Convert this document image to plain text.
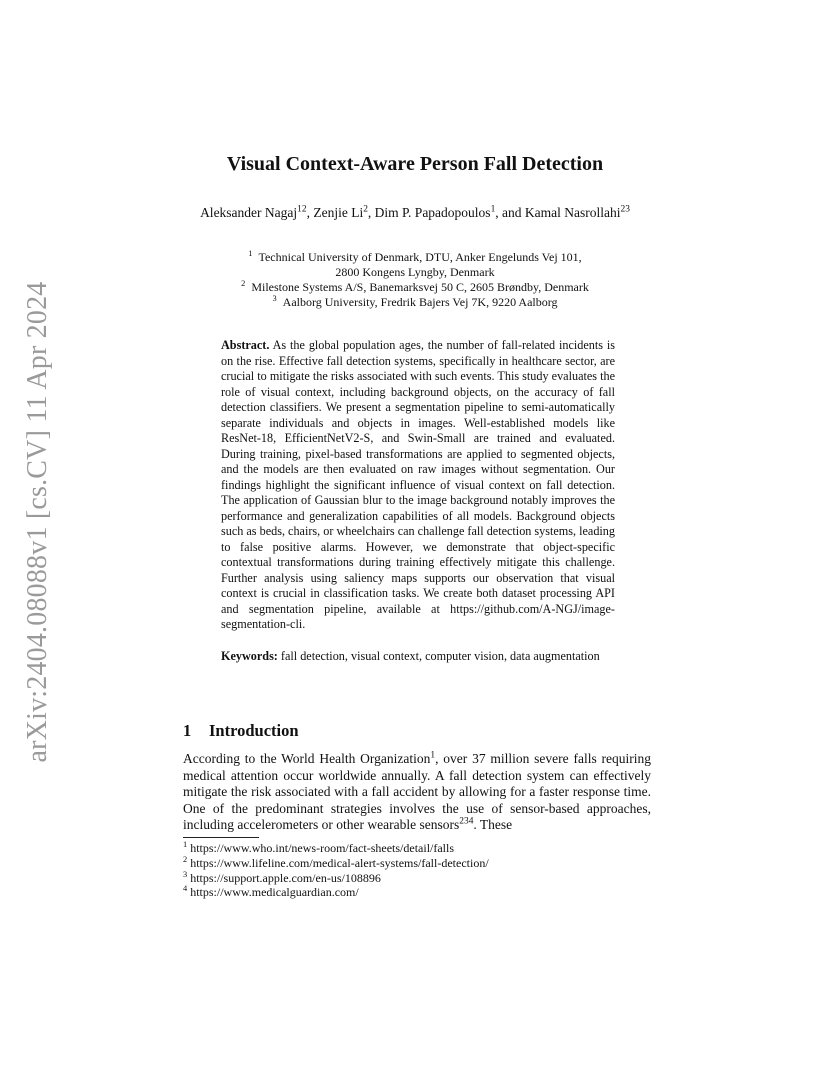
arXiv:2404.08088v1 [cs.CV] 11 Apr 2024
Visual Context-Aware Person Fall Detection
Aleksander Nagaj$^{12}$, Zenjie Li$^2$, Dim P. Papadopoulos$^1$, and Kamal Nasrollahi$^{23}$
$^1$ Technical University of Denmark, DTU, Anker Engelunds Vej 101,
2800 Kongens Lyngby, Denmark
$^2$ Milestone Systems A/S, Banemarksvej 50 C, 2605 Brøndby, Denmark
$^3$ Aalborg University, Fredrik Bajers Vej 7K, 9220 Aalborg

Abstract. As the global population ages, the number of fall-related incidents is on the rise. Effective fall detection systems, specifically in healthcare sector, are crucial to mitigate the risks associated with such events. This study evaluates the role of visual context, including background objects, on the accuracy of fall detection classifiers. We present a segmentation pipeline to semi-automatically separate individuals and objects in images. Well-established models like ResNet-18, EfficientNetV2-S, and Swin-Small are trained and evaluated. During training, pixel-based transformations are applied to segmented objects, and the models are then evaluated on raw images without segmentation. Our findings highlight the significant influence of visual context on fall detection. The application of Gaussian blur to the image background notably improves the performance and generalization capabilities of all models. Background objects such as beds, chairs, or wheelchairs can challenge fall detection systems, leading to false positive alarms. However, we demonstrate that object-specific contextual transformations during training effectively mitigate this challenge. Further analysis using saliency maps supports our observation that visual context is crucial in classification tasks. We create both dataset processing API and segmentation pipeline, available at https://github.com/A-NGJ/image-segmentation-cli.

Keywords: fall detection, visual context, computer vision, data augmentation

1 Introduction

According to the World Health Organization$^1$, over 37 million severe falls requiring medical attention occur worldwide annually. A fall detection system can effectively mitigate the risk associated with a fall accident by allowing for a faster response time. One of the predominant strategies involves the use of sensor-based approaches, including accelerometers or other wearable sensors$^{234}$. These

$^1$ https://www.who.int/news-room/fact-sheets/detail/falls
$^2$ https://www.lifeline.com/medical-alert-systems/fall-detection/
$^3$ https://support.apple.com/en-us/108896
$^4$ https://www.medicalguardian.com/
